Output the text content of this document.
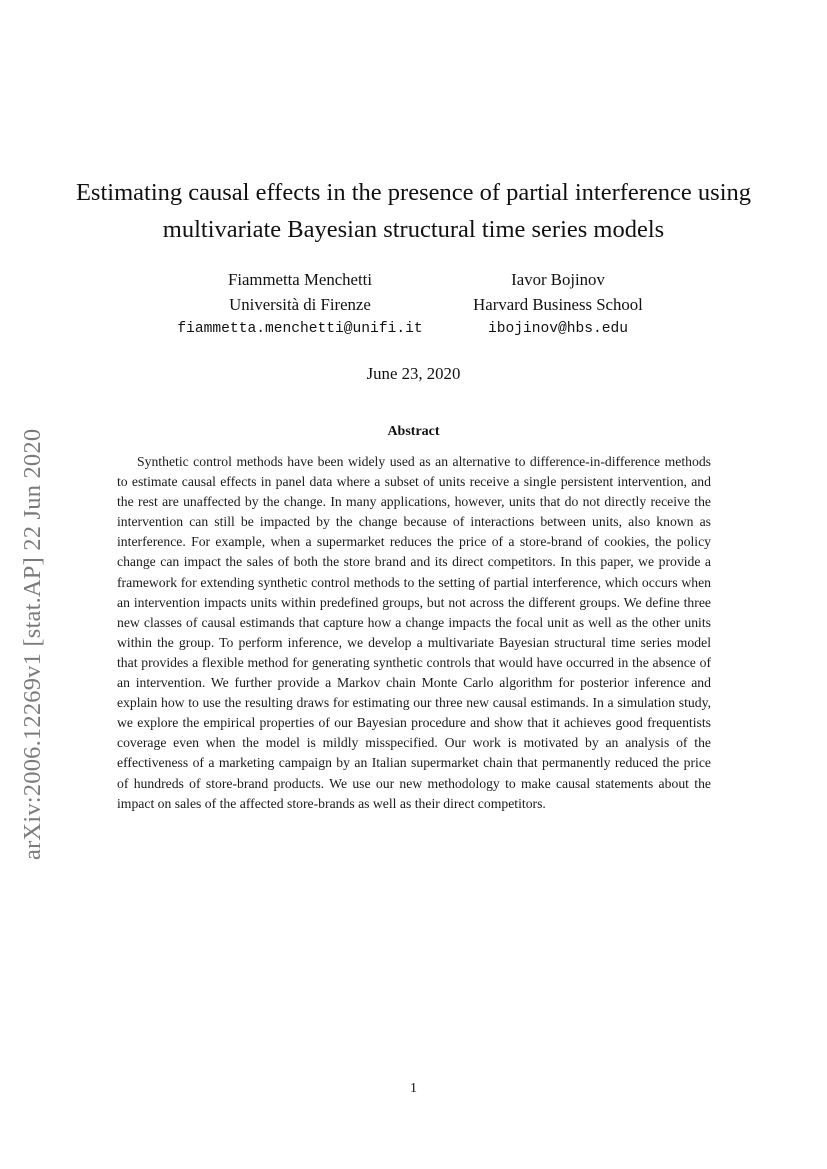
arXiv:2006.12269v1 [stat.AP] 22 Jun 2020
Estimating causal effects in the presence of partial interference using multivariate Bayesian structural time series models
Fiammetta Menchetti
Università di Firenze
fiammetta.menchetti@unifi.it
Iavor Bojinov
Harvard Business School
ibojinov@hbs.edu
June 23, 2020
Abstract

Synthetic control methods have been widely used as an alternative to difference-in-difference methods to estimate causal effects in panel data where a subset of units receive a single persistent intervention, and the rest are unaffected by the change. In many applications, however, units that do not directly receive the intervention can still be impacted by the change because of interactions between units, also known as interference. For example, when a supermarket reduces the price of a store-brand of cookies, the policy change can impact the sales of both the store brand and its direct competitors. In this paper, we provide a framework for extending synthetic control methods to the setting of partial interference, which occurs when an intervention impacts units within predefined groups, but not across the different groups. We define three new classes of causal estimands that capture how a change impacts the focal unit as well as the other units within the group. To perform inference, we develop a multivariate Bayesian structural time series model that provides a flexible method for generating synthetic controls that would have occurred in the absence of an intervention. We further provide a Markov chain Monte Carlo algorithm for posterior inference and explain how to use the resulting draws for estimating our three new causal estimands. In a simulation study, we explore the empirical properties of our Bayesian procedure and show that it achieves good frequentists coverage even when the model is mildly misspecified. Our work is motivated by an analysis of the effectiveness of a marketing campaign by an Italian supermarket chain that permanently reduced the price of hundreds of store-brand products. We use our new methodology to make causal statements about the impact on sales of the affected store-brands as well as their direct competitors.

1
